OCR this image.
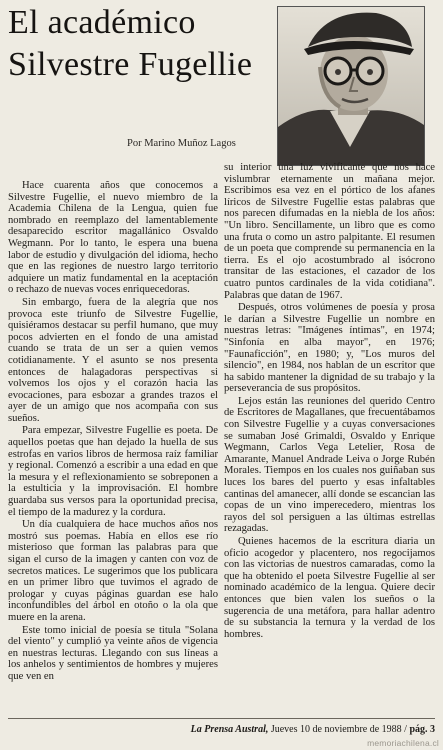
El académico
Silvestre Fugellie
Por Marino Muñoz Lagos

Hace cuarenta años que conocemos a Silvestre Fugellie, el nuevo miembro de la Academia Chilena de la Lengua, quien fue nombrado en reemplazo del lamentablemente desaparecido escritor magallánico Osvaldo Wegmann. Por lo tanto, le espera una buena labor de estudio y divulgación del idioma, hecho que en las regiones de nuestro largo territorio adquiere un matiz fundamental en la aceptación o rechazo de nuevas voces enriquecedoras.

Sin embargo, fuera de la alegría que nos provoca este triunfo de Silvestre Fugellie, quisiéramos destacar su perfil humano, que muy pocos advierten en el fondo de una amistad cuando se trata de un ser a quien vemos cotidianamente. Y el asunto se nos presenta entonces de halagadoras perspectivas si volvemos los ojos y el corazón hacia las evocaciones, para esbozar a grandes trazos el ayer de un amigo que nos acompaña con sus sueños.

Para empezar, Silvestre Fugellie es poeta. De aquellos poetas que han dejado la huella de sus estrofas en varios libros de hermosa raíz familiar y regional. Comenzó a escribir a una edad en que la mesura y el reflexionamiento se sobreponen a la estulticia y la improvisación. El hombre guardaba sus versos para la oportunidad precisa, el tiempo de la madurez y la cordura.

Un día cualquiera de hace muchos años nos mostró sus poemas. Había en ellos ese río misterioso que forman las palabras para que sigan el curso de la imagen y canten con voz de secretos matices. Le sugerimos que los publicara en un primer libro que tuvimos el agrado de prologar y cuyas páginas guardan ese halo inconfundibles del árbol en otoño o la ola que muere en la arena.

Este tomo inicial de poesía se titula "Solana del viento" y cumplió ya veinte años de vigencia en nuestras lecturas. Llegando con sus líneas a los anhelos y sentimientos de hombres y mujeres que ven en

su interior una luz vivificante que nos hace vislumbrar eternamente un mañana mejor. Escribimos esa vez en el pórtico de los afanes líricos de Silvestre Fugellie estas palabras que nos parecen difumadas en la niebla de los años: "Un libro. Sencillamente, un libro que es como una fruta o como un astro palpitante. El resumen de un poeta que comprende su permanencia en la tierra. Es el ojo acostumbrado al isócrono transitar de las estaciones, el cazador de los cuatro puntos cardinales de la vida cotidiana". Palabras que datan de 1967.

Después, otros volúmenes de poesía y prosa le darían a Silvestre Fugellie un nombre en nuestras letras: "Imágenes íntimas", en 1974; "Sinfonía en alba mayor", en 1976; "Faunaficción", en 1980; y, "Los muros del silencio", en 1984, nos hablan de un escritor que ha sabido mantener la dignidad de su trabajo y la perseverancia de sus propósitos.

Lejos están las reuniones del querido Centro de Escritores de Magallanes, que frecuentábamos con Silvestre Fugellie y a cuyas conversaciones se sumaban José Grimaldi, Osvaldo y Enrique Wegmann, Carlos Vega Letelier, Rosa de Amarante, Manuel Andrade Leiva o Jorge Rubén Morales. Tiempos en los cuales nos guiñaban sus luces los bares del puerto y esas infaltables cantinas del amanecer, allí donde se escancian las copas de un vino imperecedero, mientras los rayos del sol persiguen a las últimas estrellas rezagadas.

Quienes hacemos de la escritura diaria un oficio acogedor y placentero, nos regocijamos con las victorias de nuestros camaradas, como la que ha obtenido el poeta Silvestre Fugellie al ser nominado académico de la lengua. Quiere decir entonces que bien valen los sueños o la sugerencia de una metáfora, para hallar adentro de su substancia la ternura y la verdad de los hombres.

La Prensa Austral, Jueves 10 de noviembre de 1988 / pág. 3
memoriachilena.cl
